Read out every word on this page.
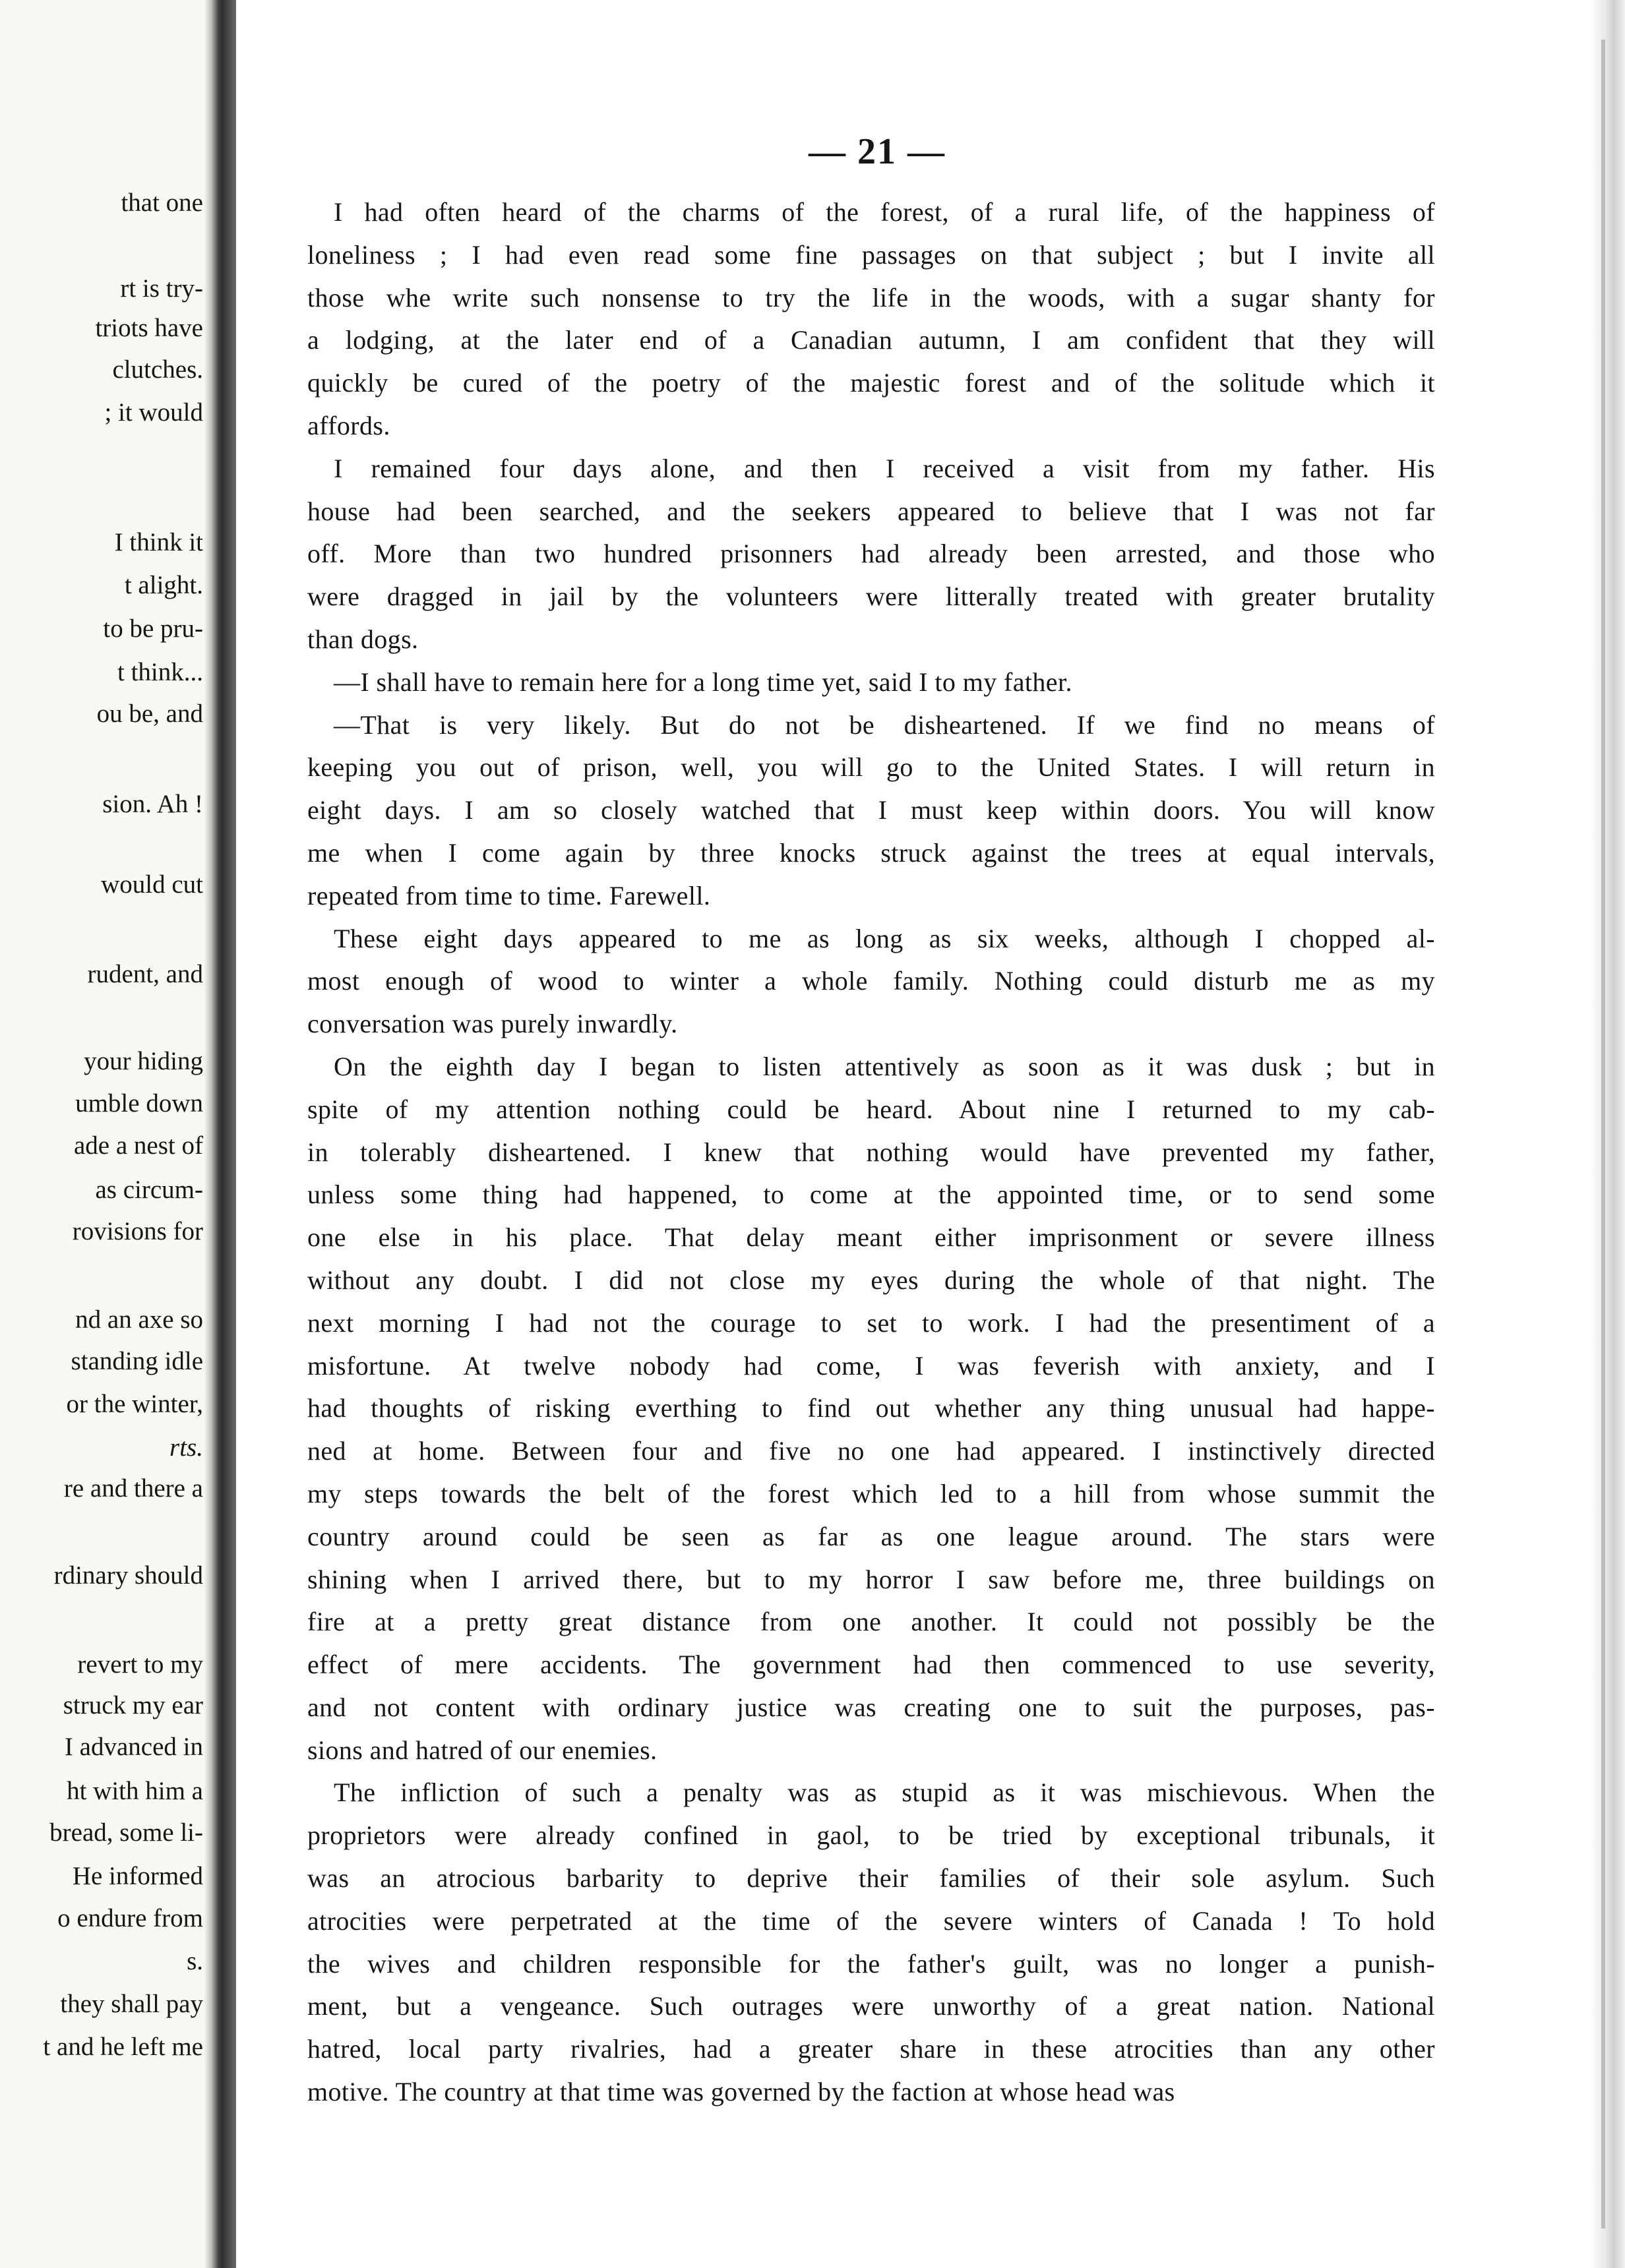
that one
rt is try-
triots have
clutches.
; it would
I think it
t alight.
to be pru-
t think...
ou be, and
sion. Ah !
would cut
rudent, and
your hiding
umble down
ade a nest of
as circum-
rovisions for
nd an axe so
standing idle
or the winter,
rts.
re and there a
rdinary should
revert to my
struck my ear
I advanced in
ht with him a
bread, some li-
He informed
o endure from
s.
they shall pay
t and he left me
— 21 —
I had often heard of the charms of the forest, of a rural life, of the happiness of
loneliness ; I had even read some fine passages on that subject ; but I invite all
those whe write such nonsense to try the life in the woods, with a sugar shanty for
a lodging, at the later end of a Canadian autumn, I am confident that they will
quickly be cured of the poetry of the majestic forest and of the solitude which it
affords.
I remained four days alone, and then I received a visit from my father. His
house had been searched, and the seekers appeared to believe that I was not far
off. More than two hundred prisonners had already been arrested, and those who
were dragged in jail by the volunteers were litterally treated with greater brutality
than dogs.
—I shall have to remain here for a long time yet, said I to my father.
—That is very likely. But do not be disheartened. If we find no means of
keeping you out of prison, well, you will go to the United States. I will return in
eight days. I am so closely watched that I must keep within doors. You will know
me when I come again by three knocks struck against the trees at equal intervals,
repeated from time to time. Farewell.
These eight days appeared to me as long as six weeks, although I chopped al-
most enough of wood to winter a whole family. Nothing could disturb me as my
conversation was purely inwardly.
On the eighth day I began to listen attentively as soon as it was dusk ; but in
spite of my attention nothing could be heard. About nine I returned to my cab-
in tolerably disheartened. I knew that nothing would have prevented my father,
unless some thing had happened, to come at the appointed time, or to send some
one else in his place. That delay meant either imprisonment or severe illness
without any doubt. I did not close my eyes during the whole of that night. The
next morning I had not the courage to set to work. I had the presentiment of a
misfortune. At twelve nobody had come, I was feverish with anxiety, and I
had thoughts of risking everthing to find out whether any thing unusual had happe-
ned at home. Between four and five no one had appeared. I instinctively directed
my steps towards the belt of the forest which led to a hill from whose summit the
country around could be seen as far as one league around. The stars were
shining when I arrived there, but to my horror I saw before me, three buildings on
fire at a pretty great distance from one another. It could not possibly be the
effect of mere accidents. The government had then commenced to use severity,
and not content with ordinary justice was creating one to suit the purposes, pas-
sions and hatred of our enemies.
The infliction of such a penalty was as stupid as it was mischievous. When the
proprietors were already confined in gaol, to be tried by exceptional tribunals, it
was an atrocious barbarity to deprive their families of their sole asylum. Such
atrocities were perpetrated at the time of the severe winters of Canada ! To hold
the wives and children responsible for the father's guilt, was no longer a punish-
ment, but a vengeance. Such outrages were unworthy of a great nation. National
hatred, local party rivalries, had a greater share in these atrocities than any other
motive. The country at that time was governed by the faction at whose head was
